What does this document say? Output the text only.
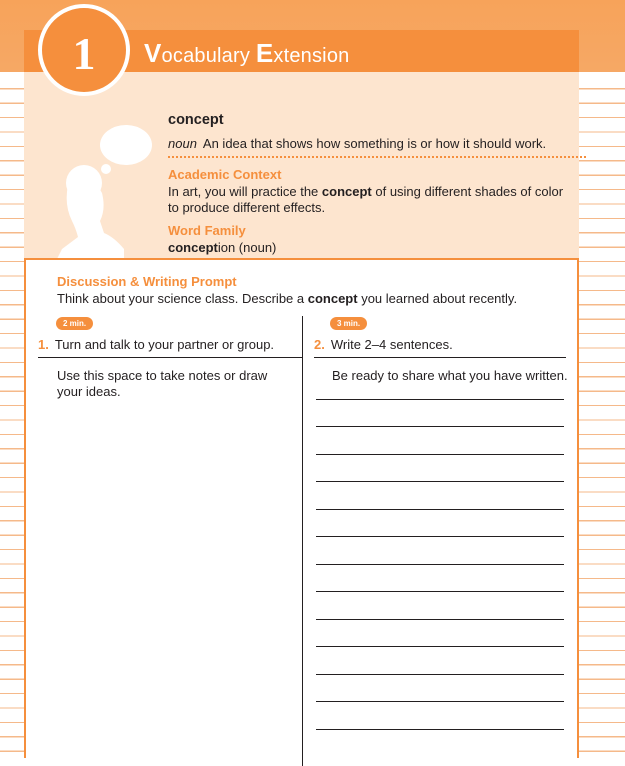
Vocabulary Extension
concept
noun An idea that shows how something is or how it should work.
Academic Context
In art, you will practice the concept of using different shades of color to produce different effects.
Word Family
conception (noun)
1
Discussion & Writing Prompt
Think about your science class. Describe a concept you learned about recently.
2 min.	3 min.
1. Turn and talk to your partner or group.	2. Write 2–4 sentences.
Use this space to take notes or draw your ideas.
Be ready to share what you have written.
